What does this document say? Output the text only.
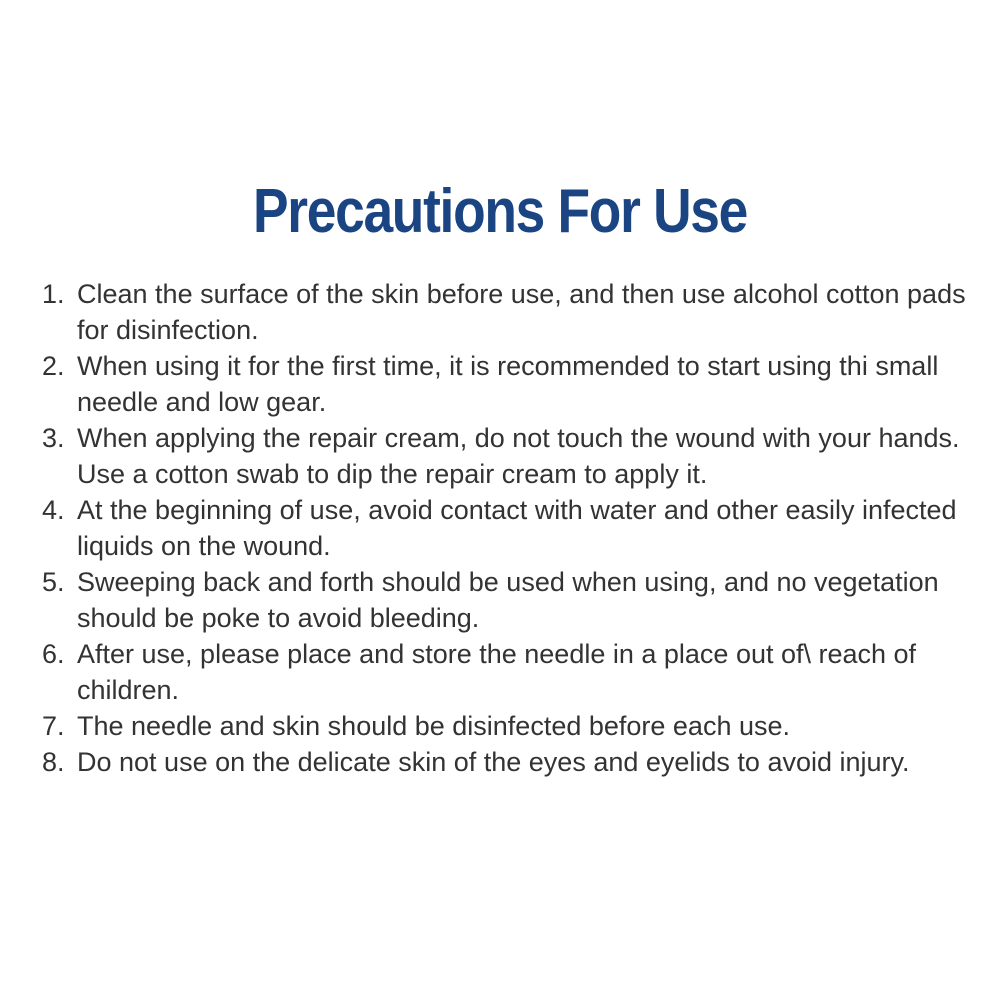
Precautions For Use
1. Clean the surface of the skin before use, and then use alcohol cotton pads for disinfection.
2. When using it for the first time, it is recommended to start using thi small needle and low gear.
3. When applying the repair cream, do not touch the wound with your hands. Use a cotton swab to dip the repair cream to apply it.
4. At the beginning of use, avoid contact with water and other easily infected liquids on the wound.
5. Sweeping back and forth should be used when using, and no vegetation should be poke to avoid bleeding.
6. After use, please place and store the needle in a place out of\ reach of children.
7. The needle and skin should be disinfected before each use.
8. Do not use on the delicate skin of the eyes and eyelids to avoid injury.
